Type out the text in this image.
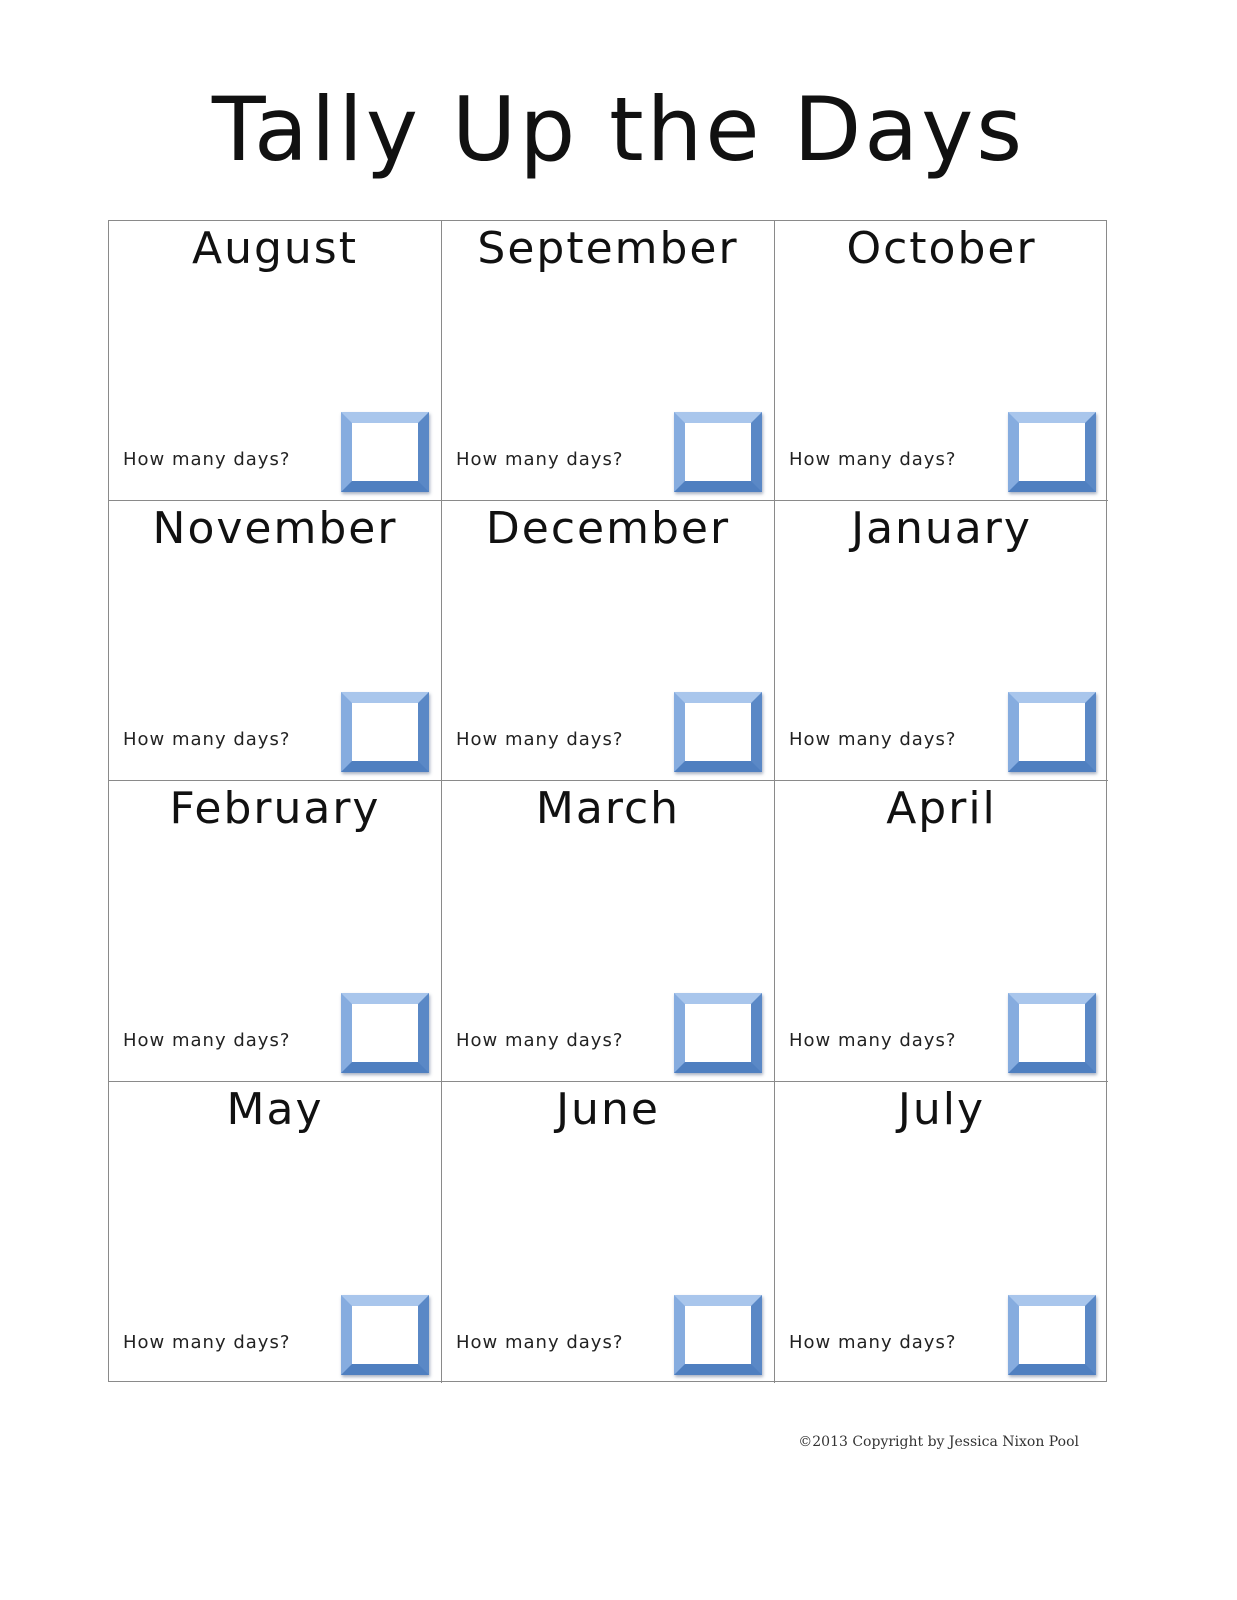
Tally Up the Days
August
How many days?
September
How many days?
October
How many days?
November
How many days?
December
How many days?
January
How many days?
February
How many days?
March
How many days?
April
How many days?
May
How many days?
June
How many days?
July
How many days?
©2013 Copyright by Jessica Nixon Pool
